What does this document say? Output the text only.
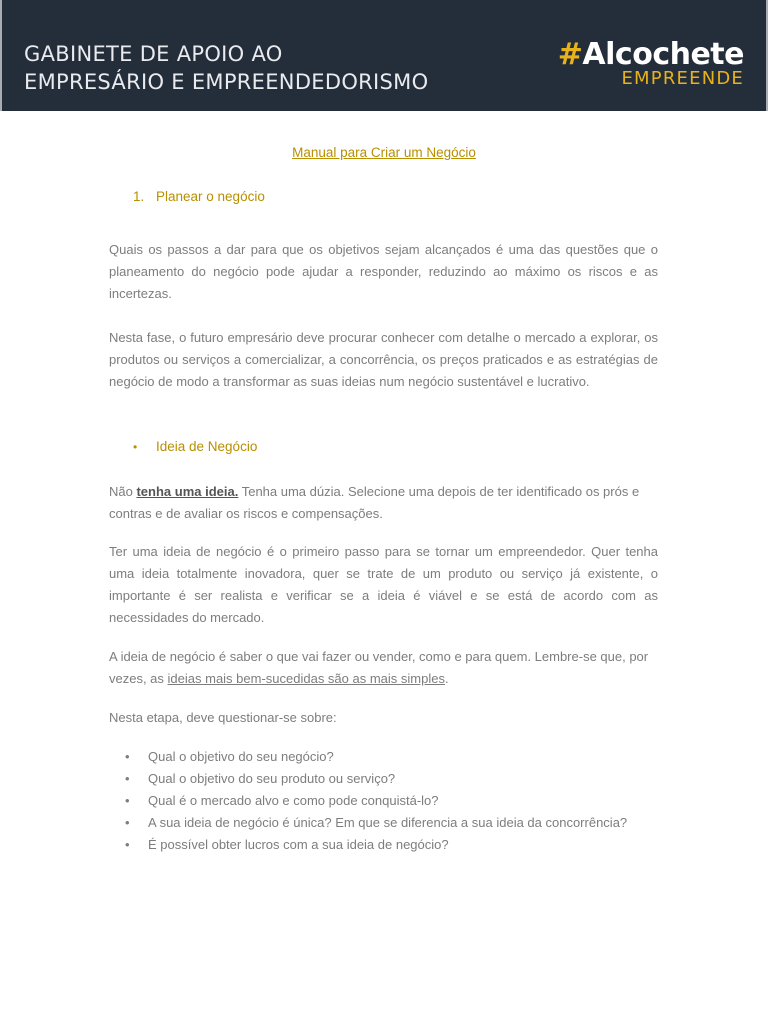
GABINETE DE APOIO AO
EMPRESÁRIO E EMPREENDEDORISMO
#Alcochete
EMPREENDE
Manual para Criar um Negócio
1. Planear o negócio

Quais os passos a dar para que os objetivos sejam alcançados é uma das questões que o planeamento do negócio pode ajudar a responder, reduzindo ao máximo os riscos e as incertezas.

Nesta fase, o futuro empresário deve procurar conhecer com detalhe o mercado a explorar, os produtos ou serviços a comercializar, a concorrência, os preços praticados e as estratégias de negócio de modo a transformar as suas ideias num negócio sustentável e lucrativo.

• Ideia de Negócio

Não tenha uma ideia. Tenha uma dúzia. Selecione uma depois de ter identificado os prós e contras e de avaliar os riscos e compensações.

Ter uma ideia de negócio é o primeiro passo para se tornar um empreendedor. Quer tenha uma ideia totalmente inovadora, quer se trate de um produto ou serviço já existente, o importante é ser realista e verificar se a ideia é viável e se está de acordo com as necessidades do mercado.

A ideia de negócio é saber o que vai fazer ou vender, como e para quem. Lembre-se que, por vezes, as ideias mais bem-sucedidas são as mais simples.

Nesta etapa, deve questionar-se sobre:

• Qual o objetivo do seu negócio?
• Qual o objetivo do seu produto ou serviço?
• Qual é o mercado alvo e como pode conquistá-lo?
• A sua ideia de negócio é única? Em que se diferencia a sua ideia da concorrência?
• É possível obter lucros com a sua ideia de negócio?
